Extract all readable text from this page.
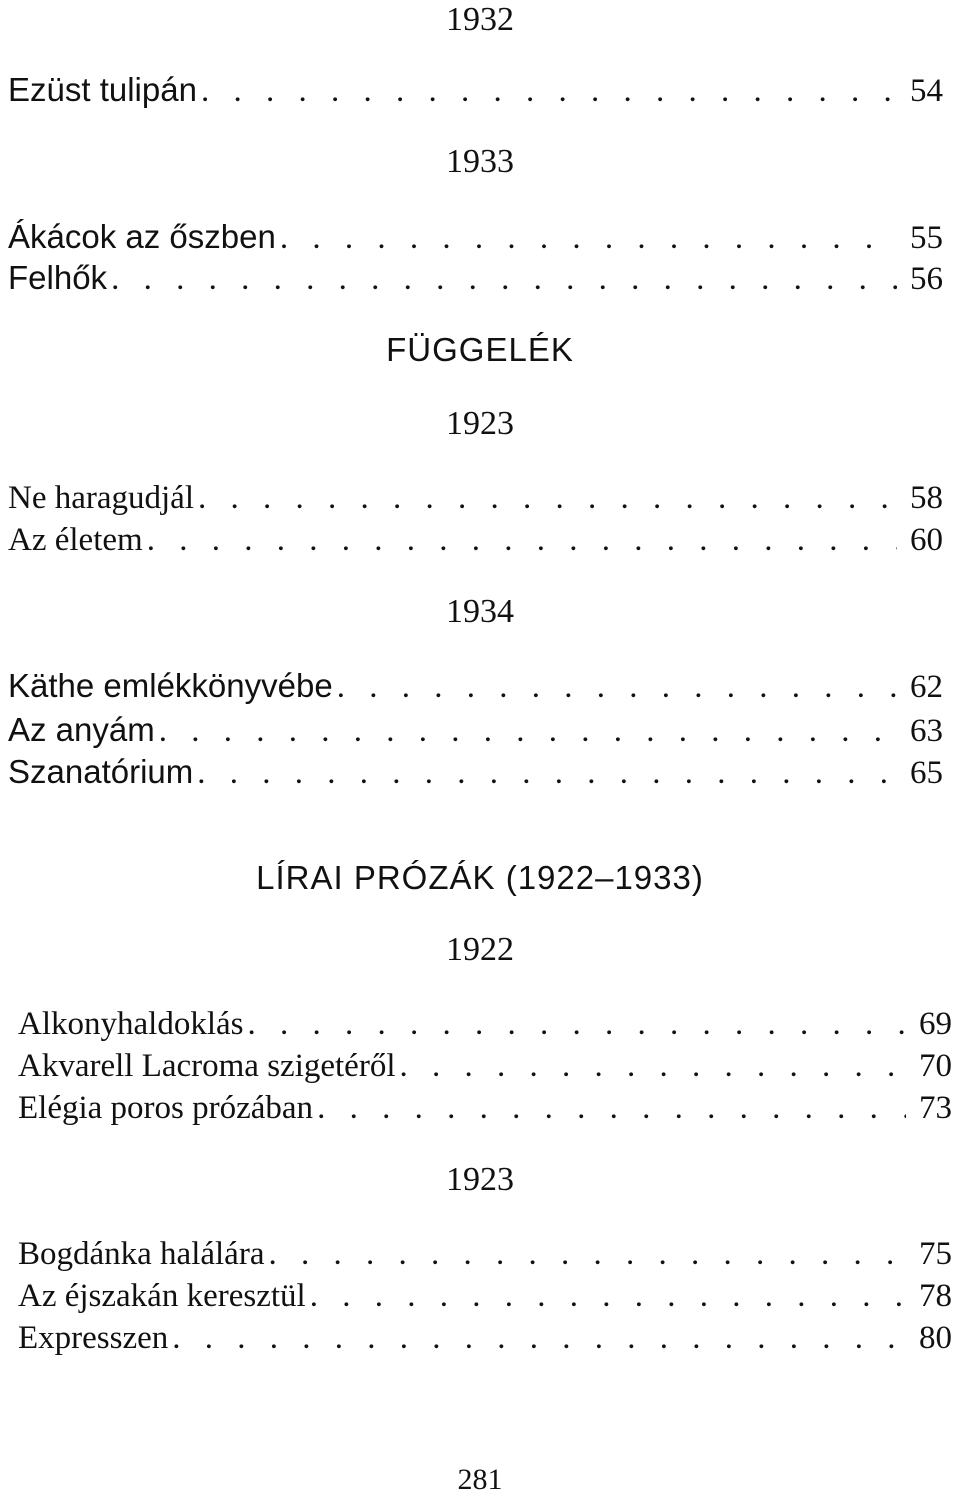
1932
Ezüst tulipán . . .	54
1933
Ákácok az őszben . . .	55
Felhők . . .	56
FÜGGELÉK
1923
Ne haragudjál . . .	58
Az életem . . .	60
1934
Käthe emlékkönyvébe . . .	62
Az anyám . . .	63
Szanatórium . . .	65
LÍRAI PRÓZÁK (1922–1933)
1922
Alkonyhaldoklás . . .	69
Akvarell Lacroma szigetéről . . .	70
Elégia poros prózában . . .	73
1923
Bogdánka halálára . . .	75
Az éjszakán keresztül . . .	78
Expresszen . . .	80
281
